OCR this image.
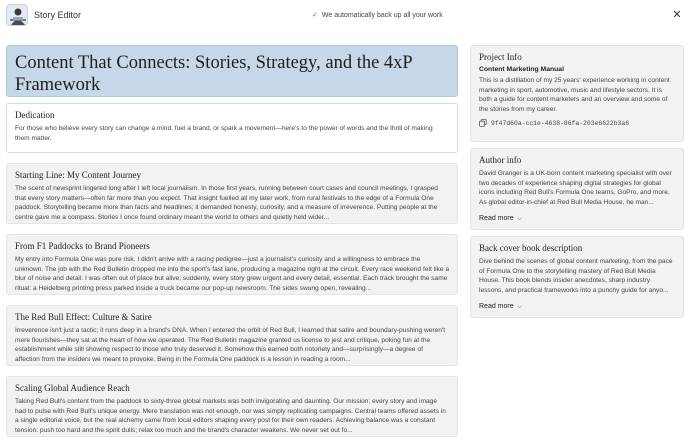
Story Editor	✓ We automatically back up all your work	✕
Content That Connects: Stories, Strategy, and the 4xP Framework
Dedication

For those who believe every story can change a mind, fuel a brand, or spark a movement—here's to the power of words and the thrill of making them matter.

Starting Line: My Content Journey

The scent of newsprint lingered long after I left local journalism. In those first years, running between court cases and council meetings, I grasped that every story matters—often far more than you expect. That insight fuelled all my later work, from rural festivals to the edge of a Formula One paddock. Storytelling became more than facts and headlines; it demanded honesty, curiosity, and a measure of irreverence. Putting people at the centre gave me a compass. Stories I once found ordinary meant the world to others and quietly held wider...

From F1 Paddocks to Brand Pioneers

My entry into Formula One was pure risk. I didn't arrive with a racing pedigree—just a journalist's curiosity and a willingness to embrace the unknown. The job with the Red Bulletin dropped me into the sport's fast lane, producing a magazine right at the circuit. Every race weekend felt like a blur of noise and detail. I was often out of place but alive; suddenly, every story grew urgent and every detail, essential. Each track brought the same ritual: a Heidelberg printing press parked inside a truck became our pop-up newsroom. The sides swung open, revealing...

The Red Bull Effect: Culture & Satire

Irreverence isn't just a tactic; it runs deep in a brand's DNA. When I entered the orbit of Red Bull, I learned that satire and boundary-pushing weren't mere flourishes—they sat at the heart of how we operated. The Red Bulletin magazine granted us license to jest and critique, poking fun at the establishment while still showing respect to those who truly deserved it. Somehow this earned both notoriety and—surprisingly—a degree of affection from the insiders we meant to provoke. Being in the Formula One paddock is a lesson in reading a room...

Scaling Global Audience Reach

Taking Red Bull's content from the paddock to sixty-three global markets was both invigorating and daunting. Our mission: every story and image had to pulse with Red Bull's unique energy. Mere translation was not enough, nor was simply replicating campaigns. Central teams offered assets in a single editorial voice, but the real alchemy came from local editors shaping every post for their own readers. Achieving balance was a constant tension: push too hard and the spirit dulls; relax too much and the brand's character weakens. We never set out fo...

Project Info
Content Marketing Manual

This is a distillation of my 25 years' experience working in content marketing in sport, automotive, music and lifestyle sectors. It is both a guide for content marketers and an overview and some of the stories from my career.

9f47d60a-cc1e-4638-86fa-203e6622b3a6
Author info

David Granger is a UK-born content marketing specialist with over two decades of experience shaping digital strategies for global icons including Red Bull's Formula One teams, GoPro, and more. As global editor-in-chief at Red Bull Media House, he man...

Read more ⌵
Back cover book description

Dive behind the scenes of global content marketing, from the pace of Formula One to the storytelling mastery of Red Bull Media House. This book blends insider anecdotes, sharp industry lessons, and practical frameworks into a punchy guide for anyo...

Read more ⌵
